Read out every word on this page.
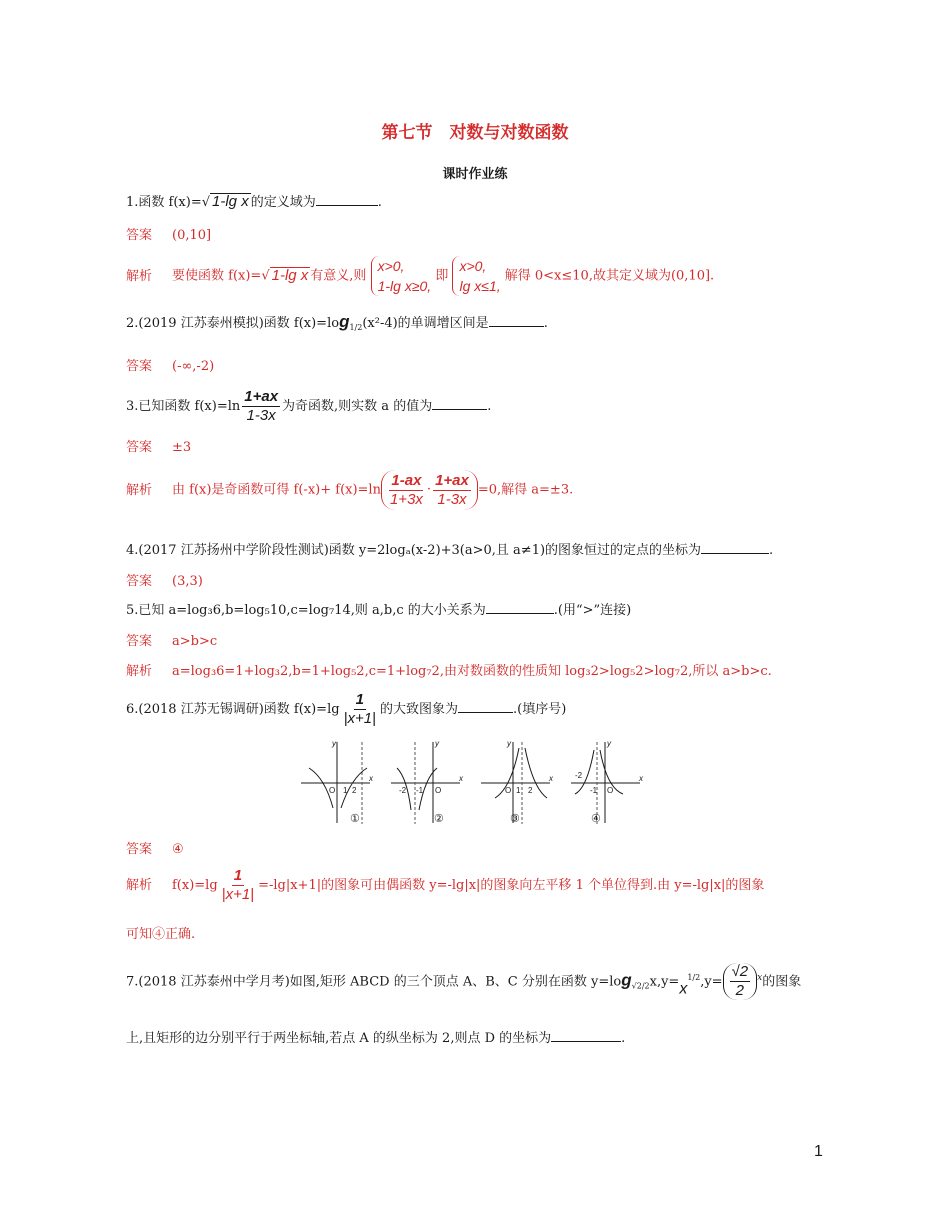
第七节　对数与对数函数
课时作业练
1.函数 f(x)=√ 1-lg x 的定义域为	.
答案 (0,10]
解析 要使函数 f(x)=√ 1-lg x 有意义,则
x>0,
1-lg x≥0,
即
x>0,
lg x≤1,
解得 0<x≤10,故其定义域为(0,10].
2.(2019 江苏泰州模拟)函数 $f(x)=\log_{1/2}(x^2-4)$的单调增区间是	.
答案 (-∞,-2)
3.已知函数 $f(x)=\ln \frac{1+ax}{1-3x}$ 为奇函数,则实数 a 的值为	.
答案 ±3
解析 由 f(x)是奇函数可得 $f(-x)+ f(x)=\ln \frac{1-ax}{1+3x} \cdot \frac{1+ax}{1-3x} =0$,解得 a=±3.
4.(2017 江苏扬州中学阶段性测试)函数 y=2logₐ(x-2)+3(a>0,且 a≠1)的图象恒过的定点的坐标为	.
答案 (3,3)
5.已知 a=log₃6,b=log₅10,c=log₇14,则 a,b,c 的大小关系为	.(用“>”连接)
答案 a>b>c
解析 a=log₃6=1+log₃2,b=1+log₅2,c=1+log₇2,由对数函数的性质知 log₃2>log₅2>log₇2,所以 a>b>c.
6.(2018 江苏无锡调研)函数 $f(x)=\lg \frac{1}{|x+1|}$ 的大致图象为	.(填序号)
y
x
O 1 2
y
x
-2 -1 O
y
x
O 1 2
y
x
-2
-1 O
①	②	③	④
答案 ④
解析 $f(x)=\lg \frac{1}{|x+1|} =-\lg|x+1|$的图象可由偶函数 y=-lg|x|的图象向左平移 1 个单位得到.由 y=-lg|x|的图象
可知④正确.
7.(2018 江苏泰州中学月考)如图,矩形 ABCD 的三个顶点 A、B、C 分别在函数 $y=\log_{√2/2}x,y=x^{1/2},y= \frac{√2}{2} ^x$的图象
上,且矩形的边分别平行于两坐标轴,若点 A 的纵坐标为 2,则点 D 的坐标为	.
1
